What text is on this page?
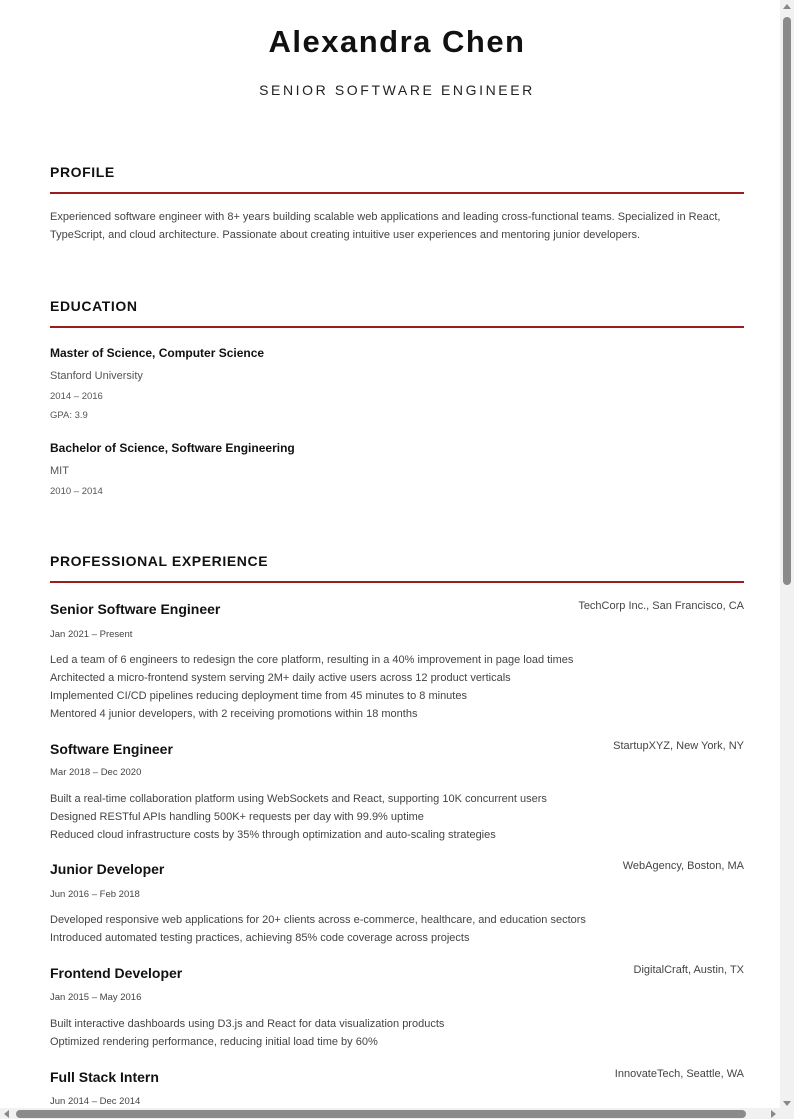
Alexandra Chen
SENIOR SOFTWARE ENGINEER
PROFILE
Experienced software engineer with 8+ years building scalable web applications and leading cross-functional teams. Specialized in React, TypeScript, and cloud architecture. Passionate about creating intuitive user experiences and mentoring junior developers.
EDUCATION
Master of Science, Computer Science
Stanford University
2014 – 2016
GPA: 3.9
Bachelor of Science, Software Engineering
MIT
2010 – 2014
PROFESSIONAL EXPERIENCE
Senior Software Engineer	TechCorp Inc., San Francisco, CA
Jan 2021 – Present
Led a team of 6 engineers to redesign the core platform, resulting in a 40% improvement in page load times
Architected a micro-frontend system serving 2M+ daily active users across 12 product verticals
Implemented CI/CD pipelines reducing deployment time from 45 minutes to 8 minutes
Mentored 4 junior developers, with 2 receiving promotions within 18 months
Software Engineer	StartupXYZ, New York, NY
Mar 2018 – Dec 2020
Built a real-time collaboration platform using WebSockets and React, supporting 10K concurrent users
Designed RESTful APIs handling 500K+ requests per day with 99.9% uptime
Reduced cloud infrastructure costs by 35% through optimization and auto-scaling strategies
Junior Developer	WebAgency, Boston, MA
Jun 2016 – Feb 2018
Developed responsive web applications for 20+ clients across e-commerce, healthcare, and education sectors
Introduced automated testing practices, achieving 85% code coverage across projects
Frontend Developer	DigitalCraft, Austin, TX
Jan 2015 – May 2016
Built interactive dashboards using D3.js and React for data visualization products
Optimized rendering performance, reducing initial load time by 60%
Full Stack Intern	InnovateTech, Seattle, WA
Jun 2014 – Dec 2014
